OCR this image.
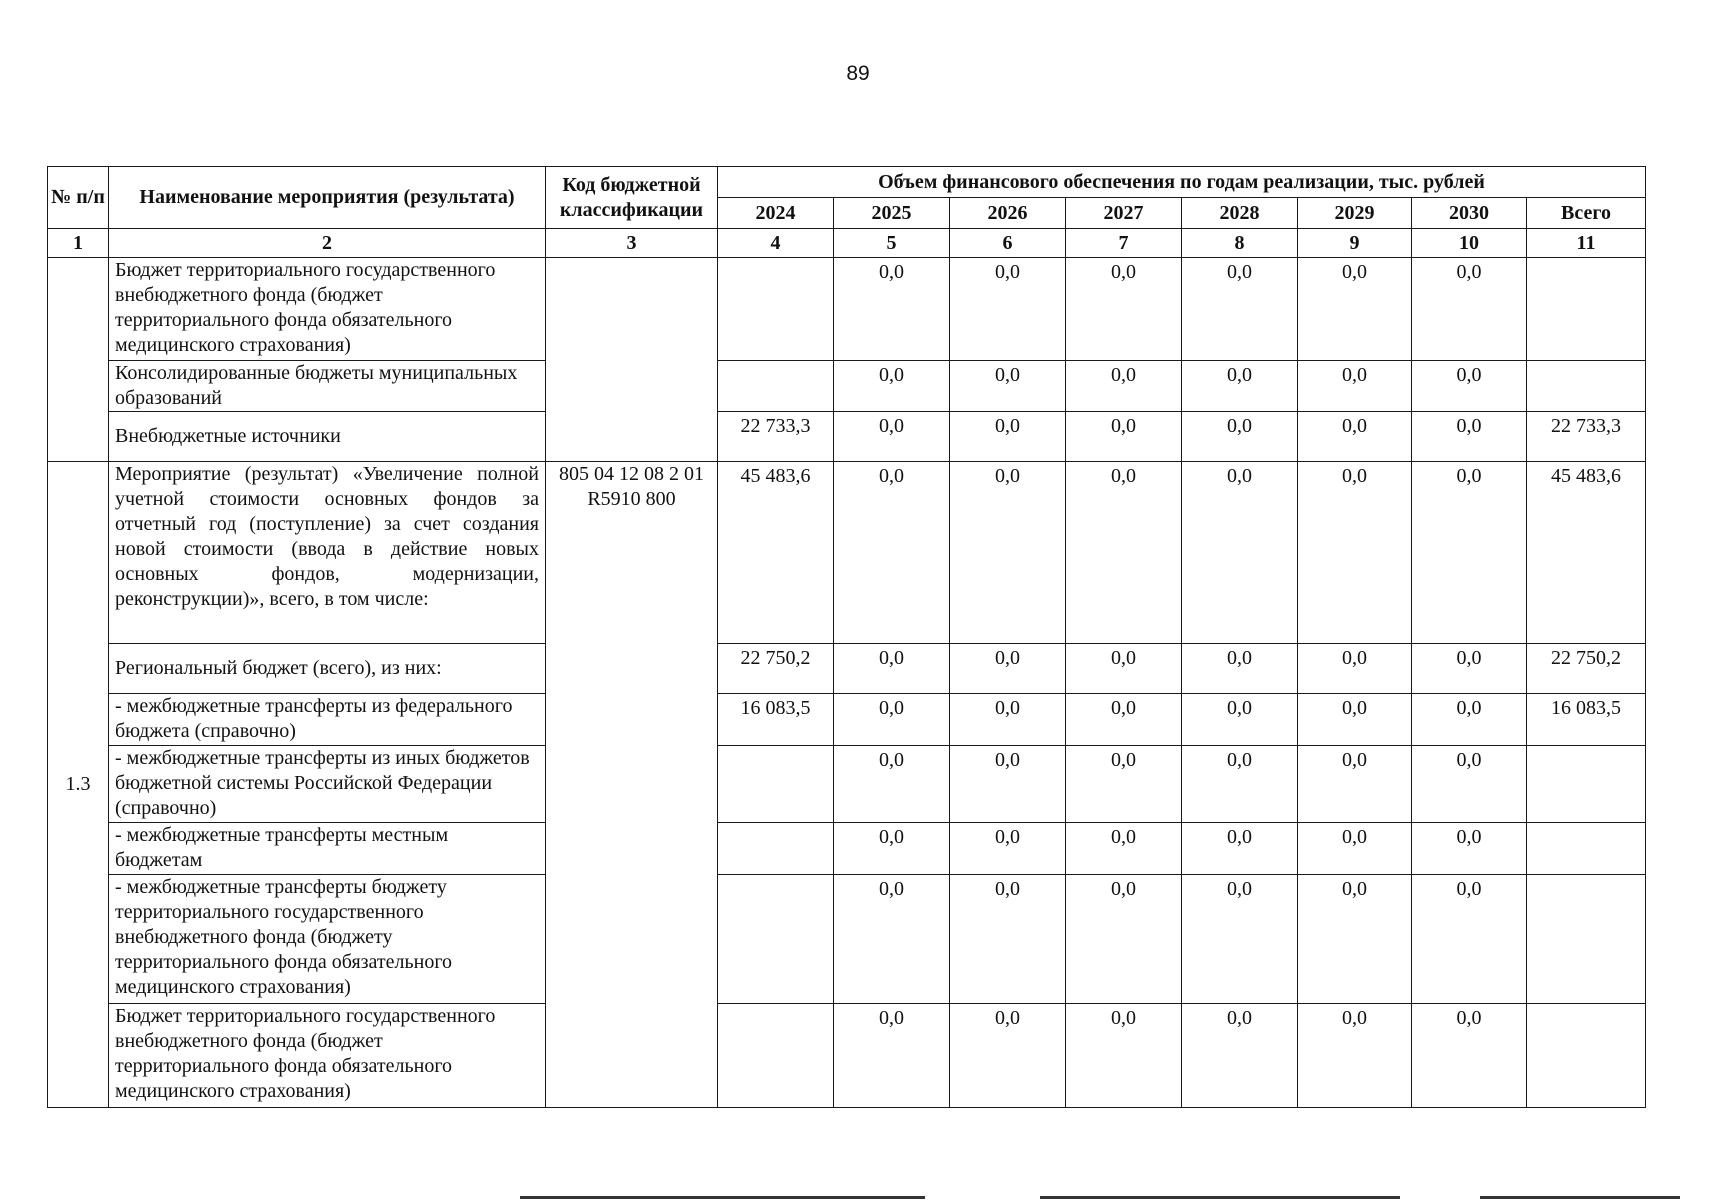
89
№ п/п	Наименование мероприятия (результата)	Код бюджетной классификации	Объем финансового обеспечения по годам реализации, тыс. рублей							
			2024	2025	2026	2027	2028	2029	2030	Всего
1	2	3	4	5	6	7	8	9	10	11
	Бюджет территориального государственного внебюджетного фонда (бюджет территориального фонда обязательного медицинского страхования)			0,0	0,0	0,0	0,0	0,0	0,0	
	Консолидированные бюджеты муниципальных образований			0,0	0,0	0,0	0,0	0,0	0,0	
	Внебюджетные источники		22 733,3	0,0	0,0	0,0	0,0	0,0	0,0	22 733,3
1.3	Мероприятие (результат) «Увеличение полной учетной стоимости основных фондов за отчетный год (поступление) за счет создания новой стоимости (ввода в действие новых основных фондов, модернизации, реконструкции)», всего, в том числе:	805 04 12 08 2 01 R5910 800	45 483,6	0,0	0,0	0,0	0,0	0,0	0,0	45 483,6
	Региональный бюджет (всего), из них:		22 750,2	0,0	0,0	0,0	0,0	0,0	0,0	22 750,2
	- межбюджетные трансферты из федерального бюджета (справочно)		16 083,5	0,0	0,0	0,0	0,0	0,0	0,0	16 083,5
	- межбюджетные трансферты из иных бюджетов бюджетной системы Российской Федерации (справочно)			0,0	0,0	0,0	0,0	0,0	0,0	
	- межбюджетные трансферты местным бюджетам			0,0	0,0	0,0	0,0	0,0	0,0	
	- межбюджетные трансферты бюджету территориального государственного внебюджетного фонда (бюджету территориального фонда обязательного медицинского страхования)			0,0	0,0	0,0	0,0	0,0	0,0	
	Бюджет территориального государственного внебюджетного фонда (бюджет территориального фонда обязательного медицинского страхования)			0,0	0,0	0,0	0,0	0,0	0,0	
